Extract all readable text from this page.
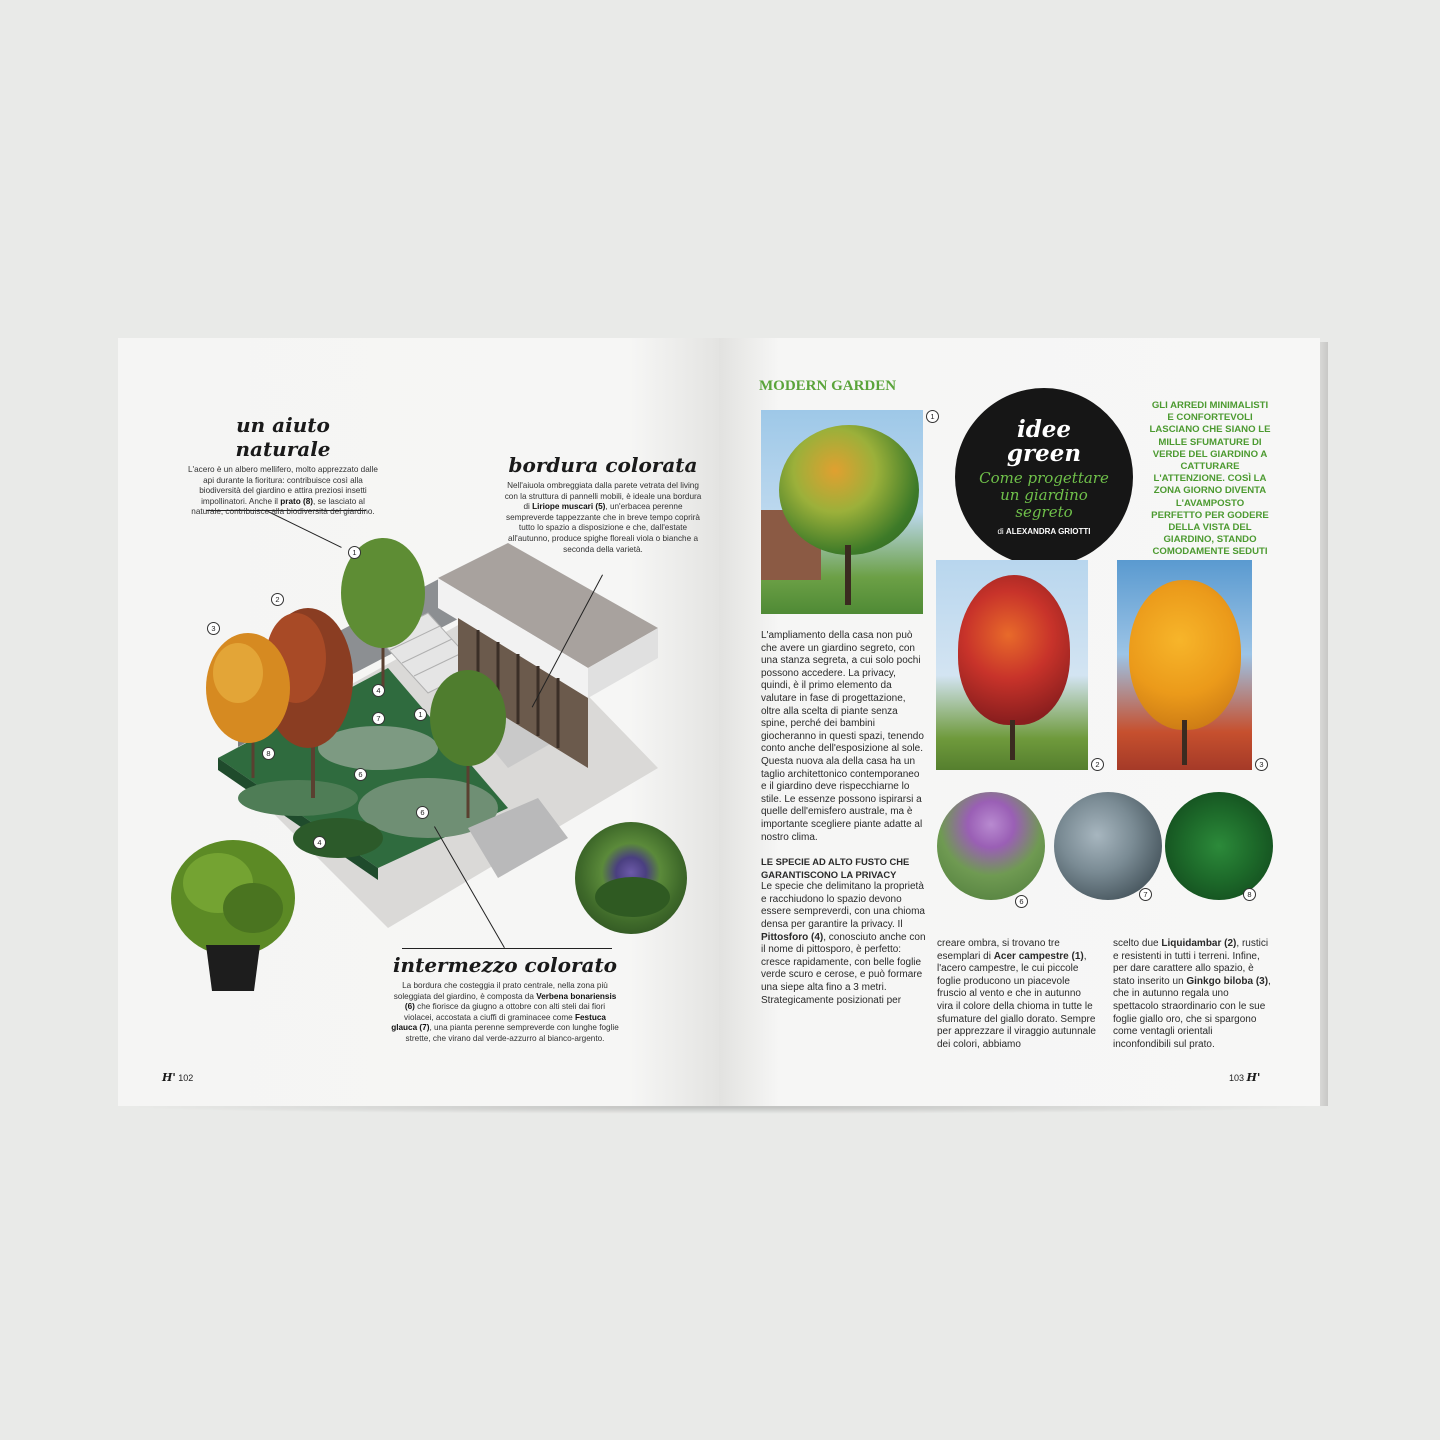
1
2
3
4
7	1
8
6
6
4
un aiuto naturale
L'acero è un albero mellifero, molto apprezzato dalle api durante la fioritura: contribuisce così alla biodiversità del giardino e attira preziosi insetti impollinatori. Anche il prato (8), se lasciato al naturale, contribuisce alla biodiversità del giardino.
bordura colorata
Nell'aiuola ombreggiata dalla parete vetrata del living con la struttura di pannelli mobili, è ideale una bordura di Liriope muscari (5), un'erbacea perenne sempreverde tappezzante che in breve tempo coprirà tutto lo spazio a disposizione e che, dall'estate all'autunno, produce spighe floreali viola o bianche a seconda della varietà.
intermezzo colorato
La bordura che costeggia il prato centrale, nella zona più soleggiata del giardino, è composta da Verbena bonariensis (6) che fiorisce da giugno a ottobre con alti steli dai fiori violacei, accostata a ciuffi di graminacee come Festuca glauca (7), una pianta perenne sempreverde con lunghe foglie strette, che virano dal verde-azzurro al bianco-argento.
H' 102
MODERN GARDEN
1	idee green
Come progettare un giardino segreto
di ALEXANDRA GRIOTTI
GLI ARREDI MINIMALISTI E CONFORTEVOLI LASCIANO CHE SIANO LE MILLE SFUMATURE DI VERDE DEL GIARDINO A CATTURARE L'ATTENZIONE. COSÌ LA ZONA GIORNO DIVENTA L'AVAMPOSTO PERFETTO PER GODERE DELLA VISTA DEL GIARDINO, STANDO COMODAMENTE SEDUTI
2	3
6
7	8

L'ampliamento della casa non può che avere un giardino segreto, con una stanza segreta, a cui solo pochi possono accedere. La privacy, quindi, è il primo elemento da valutare in fase di progettazione, oltre alla scelta di piante senza spine, perché dei bambini giocheranno in questi spazi, tenendo conto anche dell'esposizione al sole. Questa nuova ala della casa ha un taglio architettonico contemporaneo e il giardino deve rispecchiarne lo stile. Le essenze possono ispirarsi a quelle dell'emisfero australe, ma è importante scegliere piante adatte al nostro clima.

LE SPECIE AD ALTO FUSTO CHE GARANTISCONO LA PRIVACY

Le specie che delimitano la proprietà e racchiudono lo spazio devono essere sempreverdi, con una chioma densa per garantire la privacy. Il Pittosforo (4), conosciuto anche con il nome di pittosporo, è perfetto: cresce rapidamente, con belle foglie verde scuro e cerose, e può formare una siepe alta fino a 3 metri. Strategicamente posizionati per

creare ombra, si trovano tre esemplari di Acer campestre (1), l'acero campestre, le cui piccole foglie producono un piacevole fruscio al vento e che in autunno vira il colore della chioma in tutte le sfumature del giallo dorato. Sempre per apprezzare il viraggio autunnale dei colori, abbiamo
scelto due Liquidambar (2), rustici e resistenti in tutti i terreni. Infine, per dare carattere allo spazio, è stato inserito un Ginkgo biloba (3), che in autunno regala uno spettacolo straordinario con le sue foglie giallo oro, che si spargono come ventagli orientali inconfondibili sul prato.
103 H'
